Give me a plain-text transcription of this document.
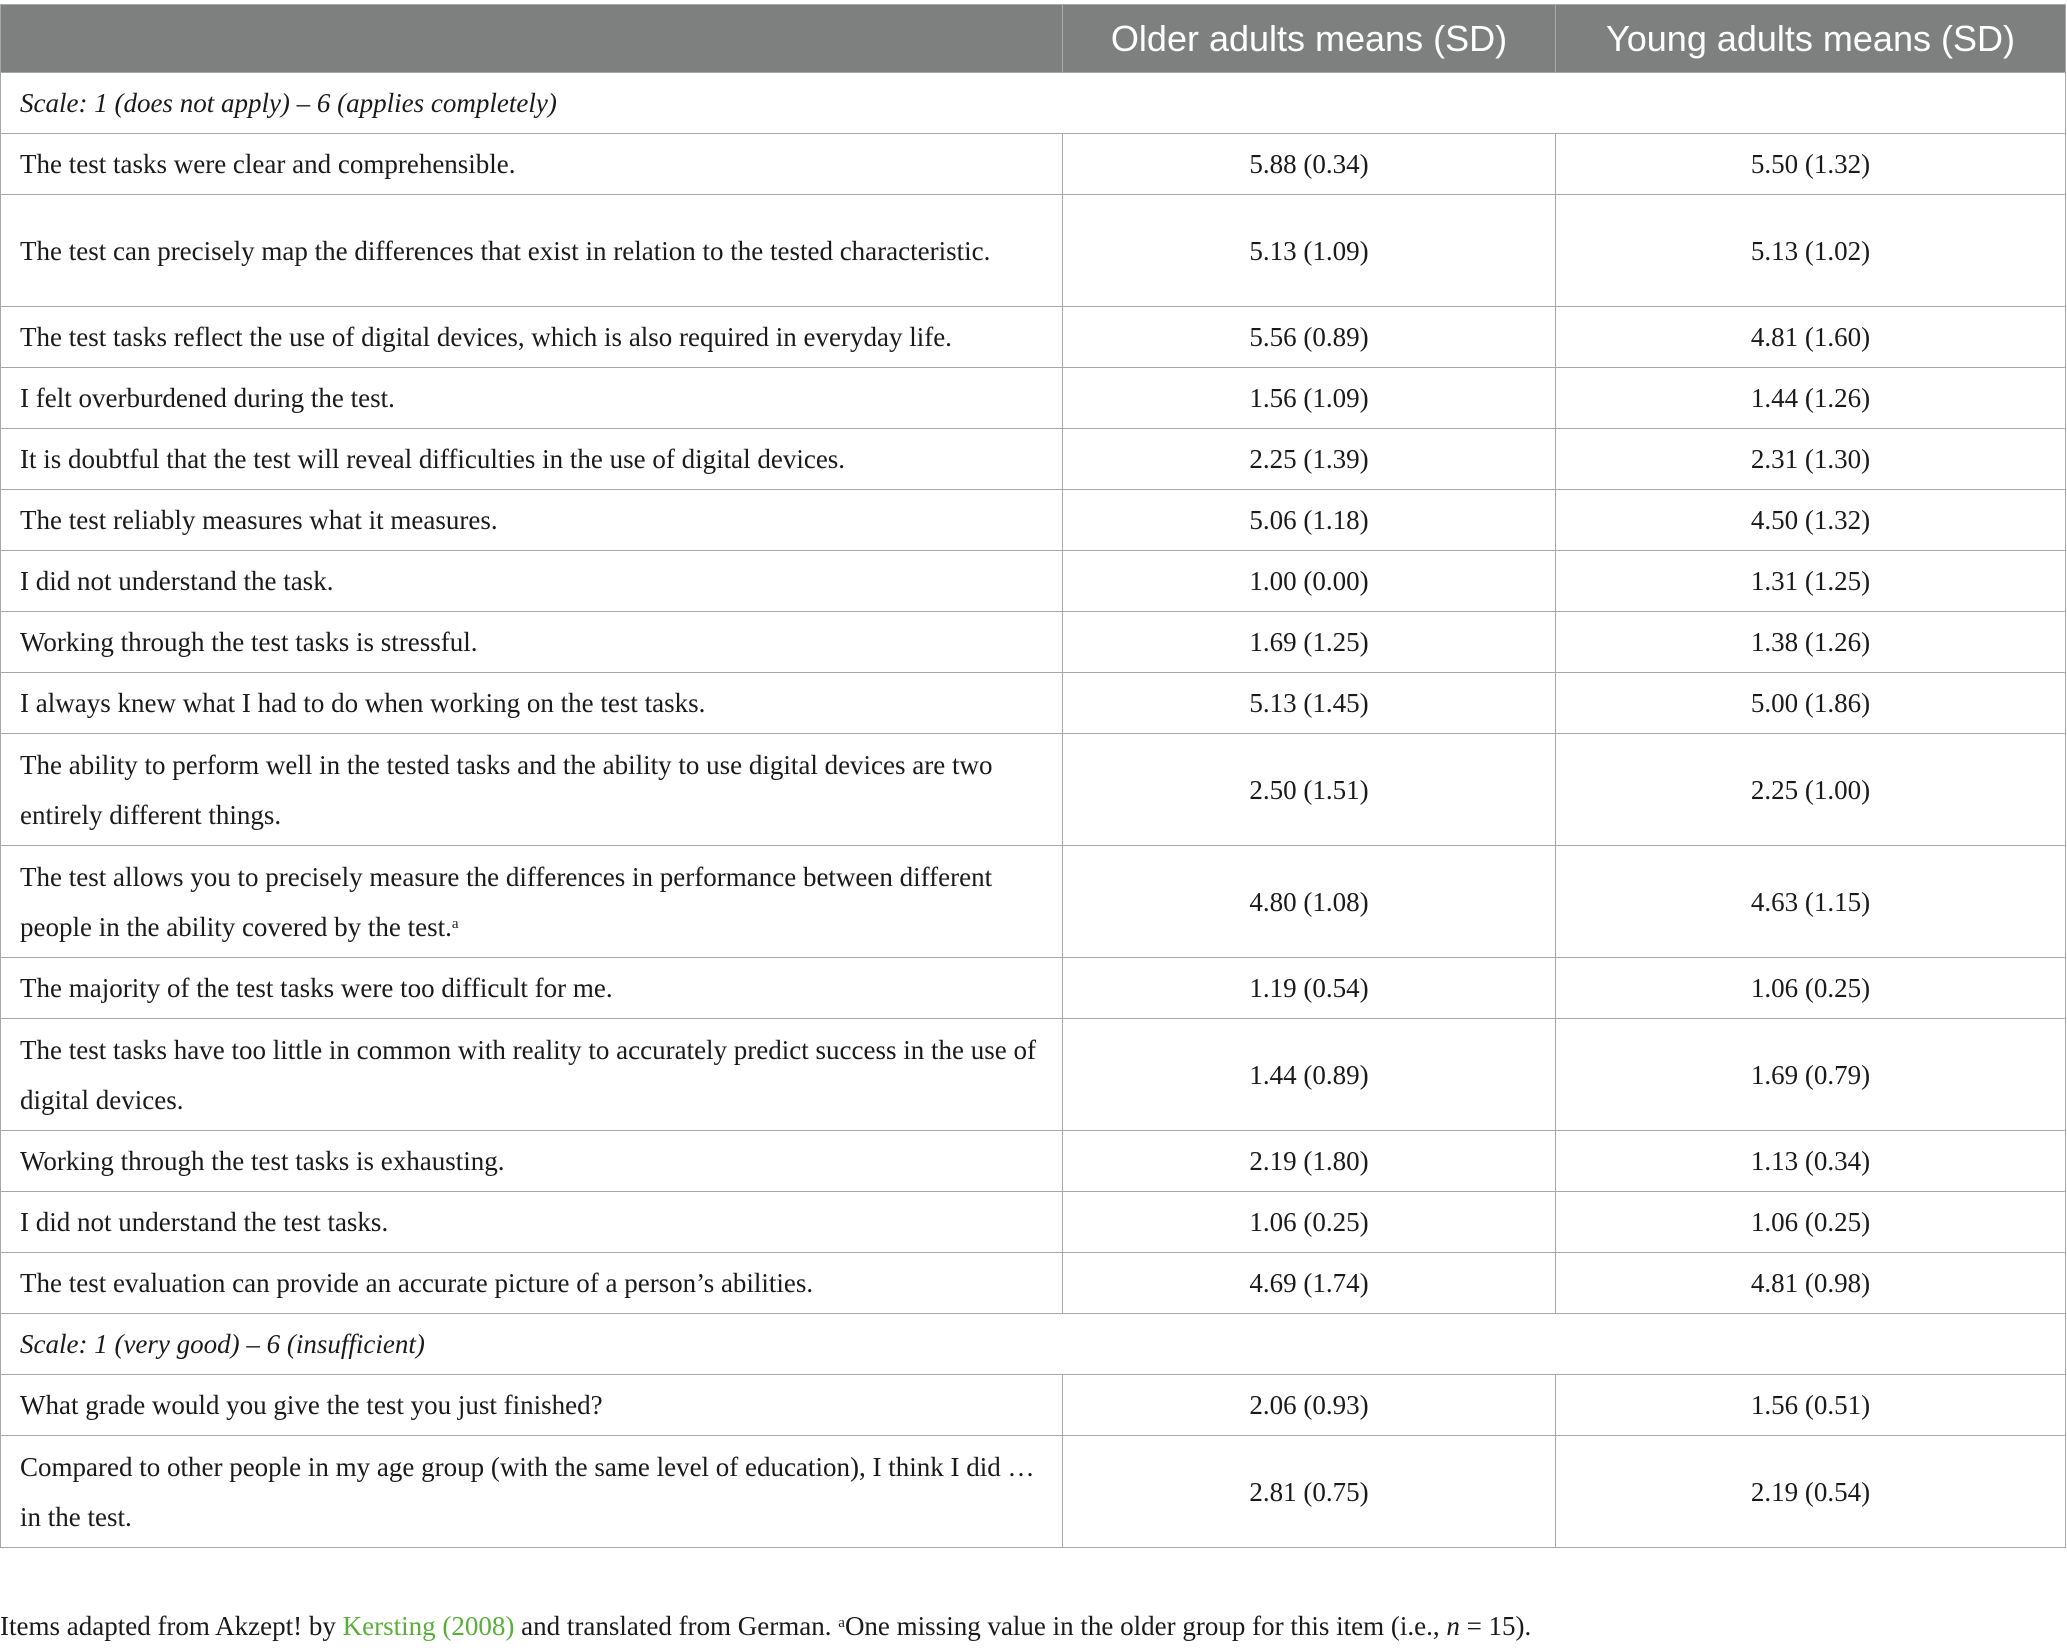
	Older adults means (SD)	Young adults means (SD)
Scale: 1 (does not apply) – 6 (applies completely)		
The test tasks were clear and comprehensible.	5.88 (0.34)	5.50 (1.32)
The test can precisely map the differences that exist in relation to the tested characteristic.	5.13 (1.09)	5.13 (1.02)
The test tasks reflect the use of digital devices, which is also required in everyday life.	5.56 (0.89)	4.81 (1.60)
I felt overburdened during the test.	1.56 (1.09)	1.44 (1.26)
It is doubtful that the test will reveal difficulties in the use of digital devices.	2.25 (1.39)	2.31 (1.30)
The test reliably measures what it measures.	5.06 (1.18)	4.50 (1.32)
I did not understand the task.	1.00 (0.00)	1.31 (1.25)
Working through the test tasks is stressful.	1.69 (1.25)	1.38 (1.26)
I always knew what I had to do when working on the test tasks.	5.13 (1.45)	5.00 (1.86)
The ability to perform well in the tested tasks and the ability to use digital devices are two entirely different things.	2.50 (1.51)	2.25 (1.00)
The test allows you to precisely measure the differences in performance between different people in the ability covered by the test.$^a$	4.80 (1.08)	4.63 (1.15)
The majority of the test tasks were too difficult for me.	1.19 (0.54)	1.06 (0.25)
The test tasks have too little in common with reality to accurately predict success in the use of digital devices.	1.44 (0.89)	1.69 (0.79)
Working through the test tasks is exhausting.	2.19 (1.80)	1.13 (0.34)
I did not understand the test tasks.	1.06 (0.25)	1.06 (0.25)
The test evaluation can provide an accurate picture of a person’s abilities.	4.69 (1.74)	4.81 (0.98)
Scale: 1 (very good) – 6 (insufficient)		
What grade would you give the test you just finished?	2.06 (0.93)	1.56 (0.51)
Compared to other people in my age group (with the same level of education), I think I did … in the test.	2.81 (0.75)	2.19 (0.54)
Items adapted from Akzept! by Kersting (2008) and translated from German. $^a$One missing value in the older group for this item (i.e., n = 15).
